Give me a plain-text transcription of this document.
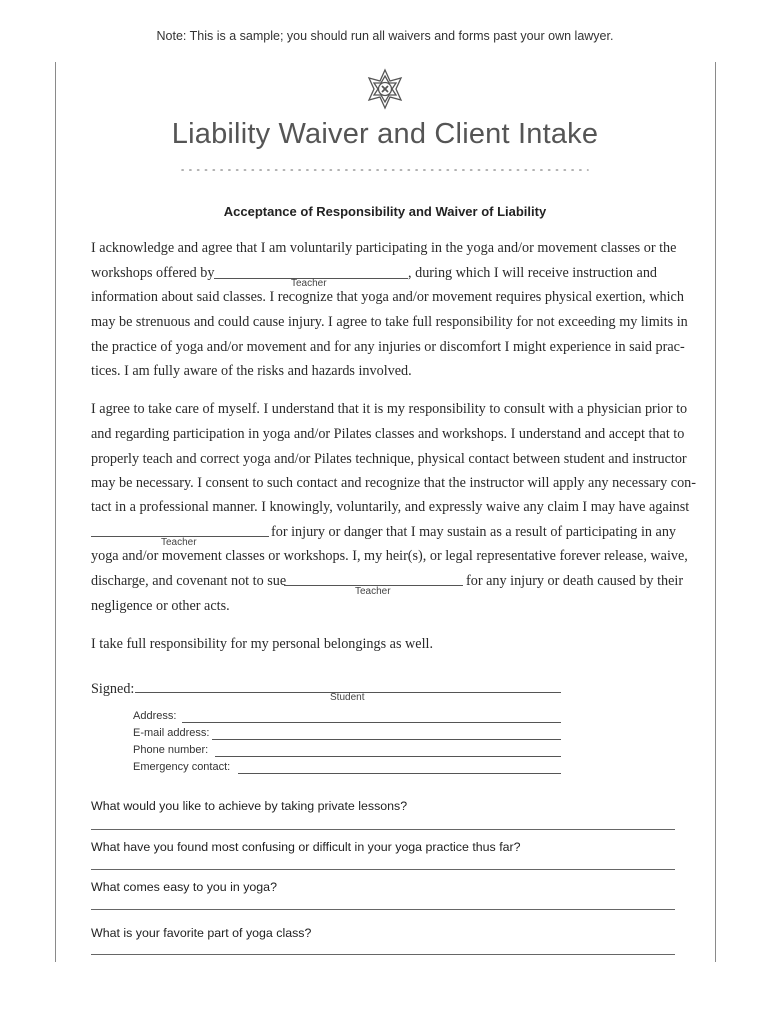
Note: This is a sample; you should run all waivers and forms past your own lawyer.
Liability Waiver and Client Intake
Acceptance of Responsibility and Waiver of Liability
I acknowledge and agree that I am voluntarily participating in the yoga and/or movement classes or the
workshops offered by
Teacher
, during which I will receive instruction and
information about said classes. I recognize that yoga and/or movement requires physical exertion, which
may be strenuous and could cause injury. I agree to take full responsibility for not exceeding my limits in
the practice of yoga and/or movement and for any injuries or discomfort I might experience in said prac-
tices. I am fully aware of the risks and hazards involved.
I agree to take care of myself. I understand that it is my responsibility to consult with a physician prior to
and regarding participation in yoga and/or Pilates classes and workshops. I understand and accept that to
properly teach and correct yoga and/or Pilates technique, physical contact between student and instructor
may be necessary. I consent to such contact and recognize that the instructor will apply any necessary con-
tact in a professional manner. I knowingly, voluntarily, and expressly waive any claim I may have against
Teacher
for injury or danger that I may sustain as a result of participating in any
yoga and/or movement classes or workshops. I, my heir(s), or legal representative forever release, waive,
discharge, and covenant not to sue
Teacher
for any injury or death caused by their
negligence or other acts.
I take full responsibility for my personal belongings as well.
Signed:
Student
Address:
E-mail address:
Phone number:
Emergency contact:
What would you like to achieve by taking private lessons?
What have you found most confusing or difficult in your yoga practice thus far?
What comes easy to you in yoga?
What is your favorite part of yoga class?
